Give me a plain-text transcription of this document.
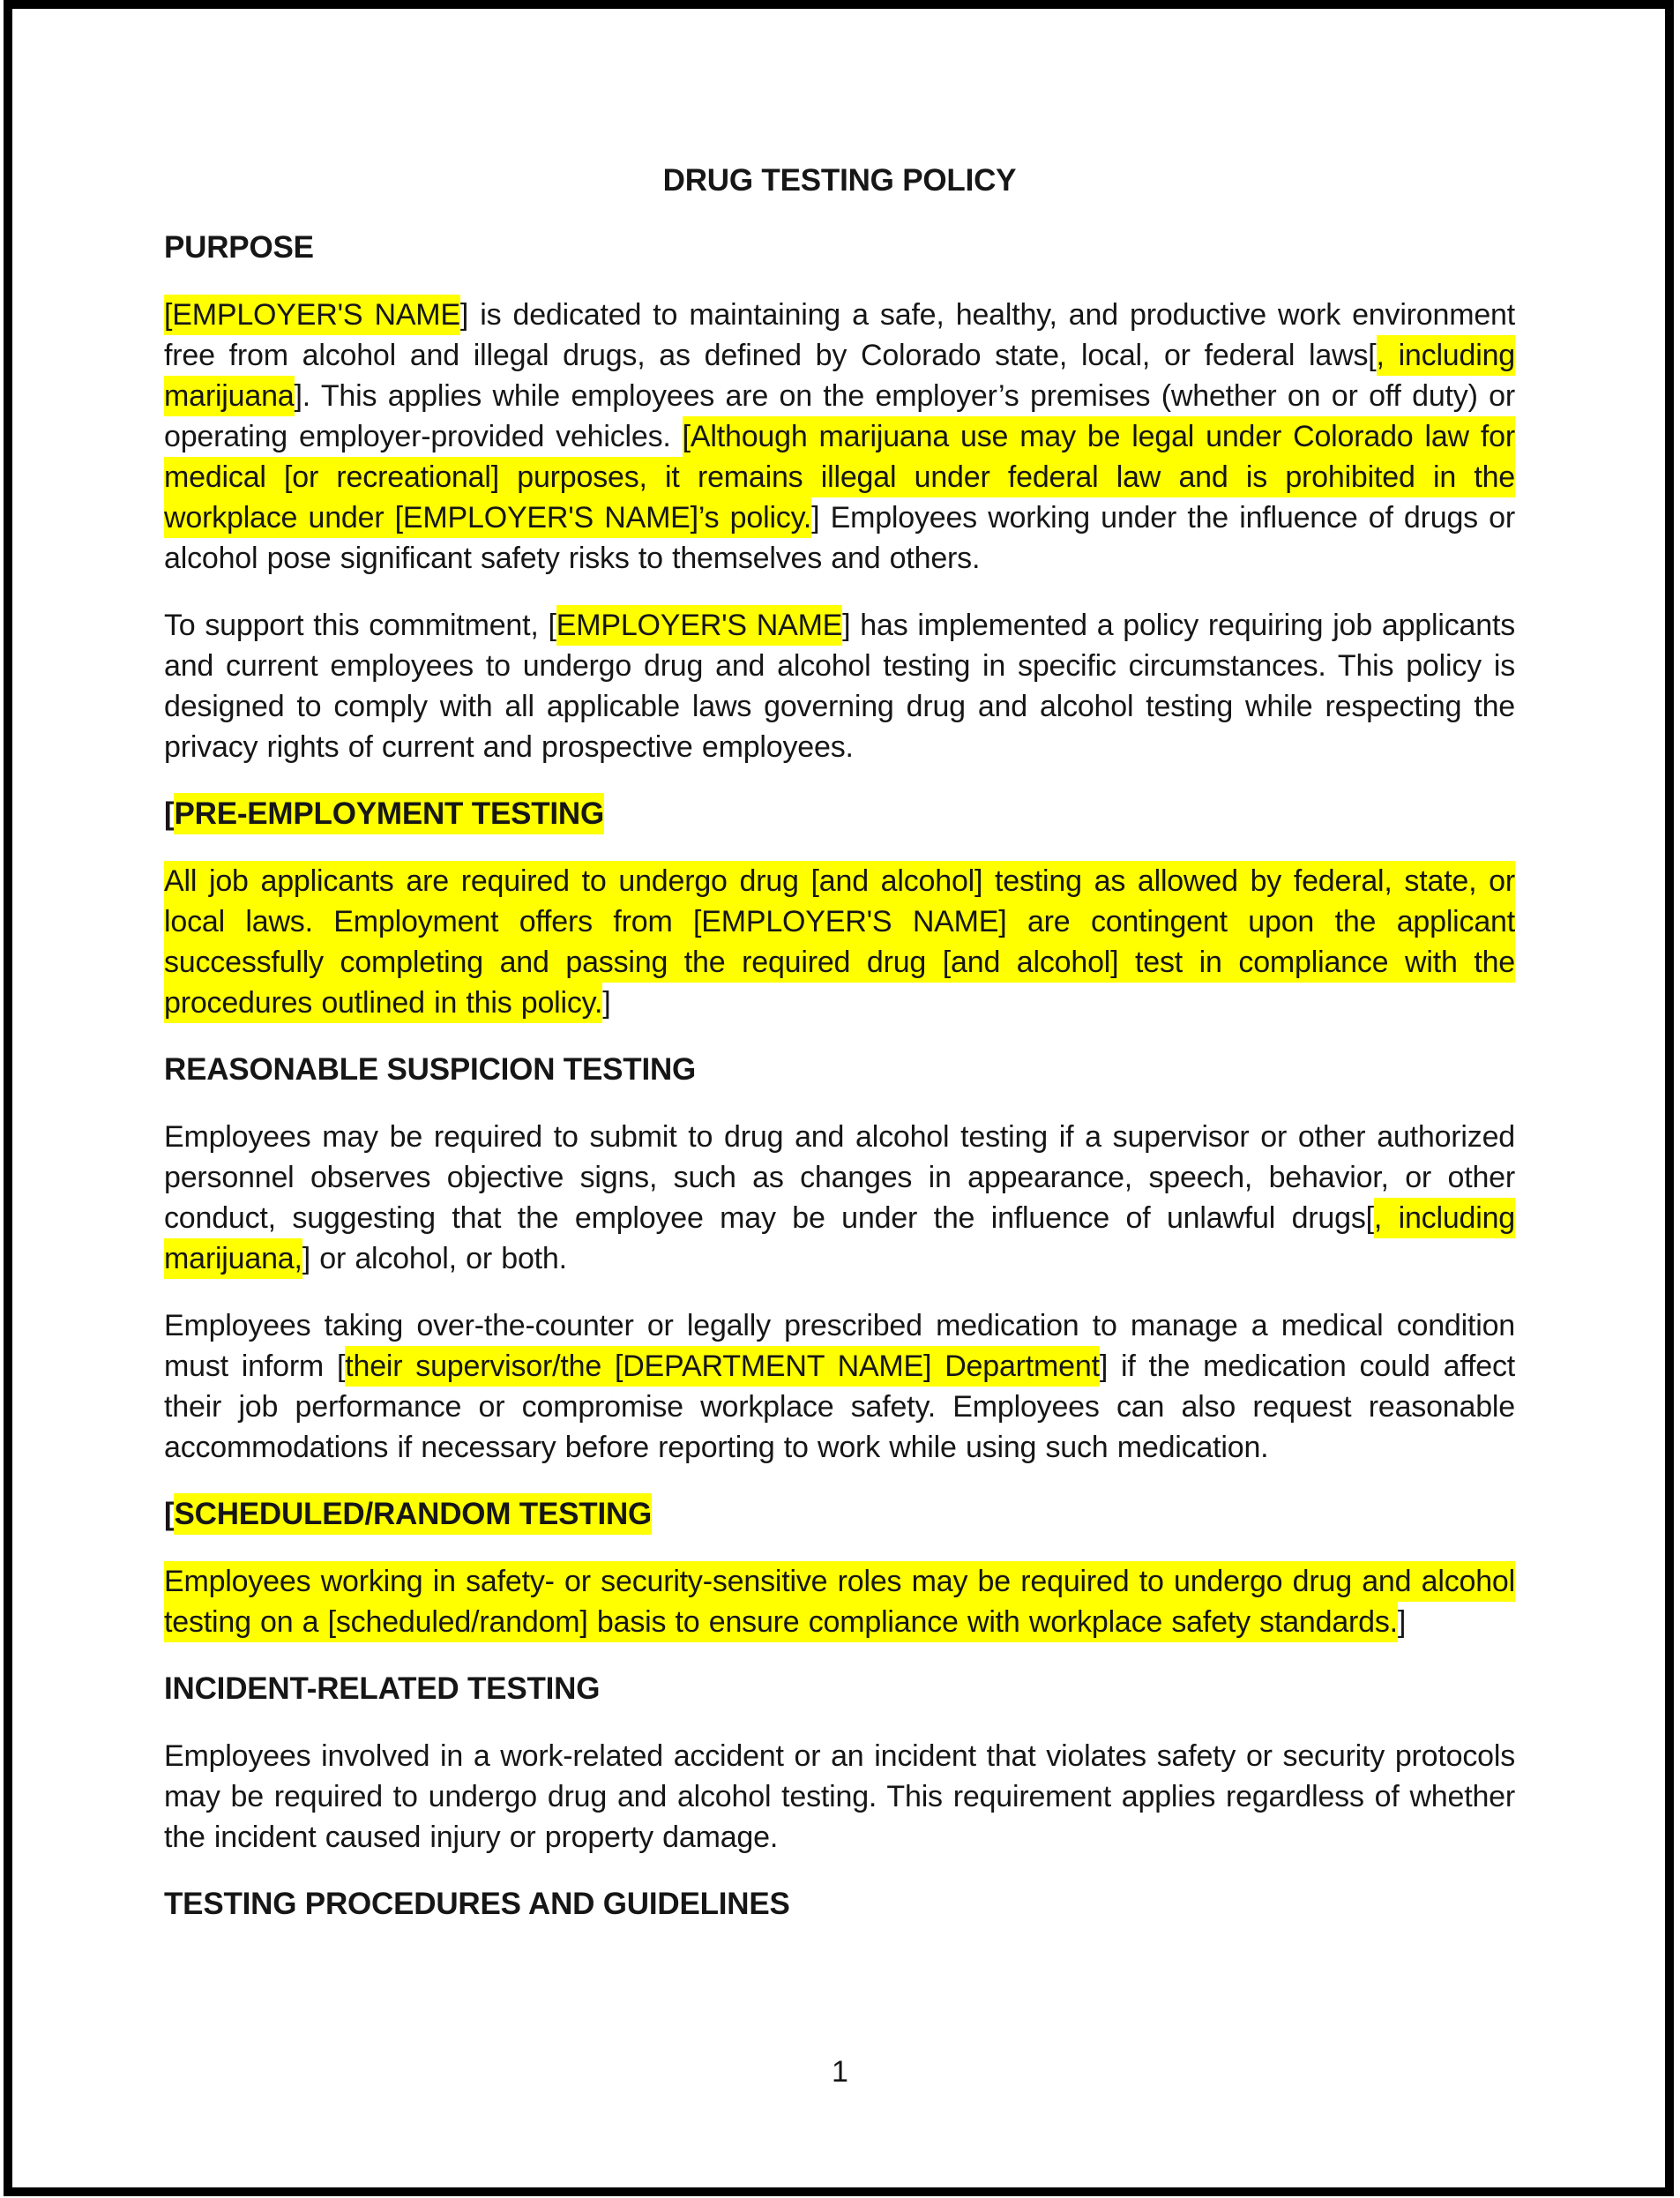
DRUG TESTING POLICY
PURPOSE

[EMPLOYER'S NAME] is dedicated to maintaining a safe, healthy, and productive work environment free from alcohol and illegal drugs, as defined by Colorado state, local, or federal laws[, including marijuana]. This applies while employees are on the employer’s premises (whether on or off duty) or operating employer-provided vehicles. [Although marijuana use may be legal under Colorado law for medical [or recreational] purposes, it remains illegal under federal law and is prohibited in the workplace under [EMPLOYER'S NAME]’s policy.] Employees working under the influence of drugs or alcohol pose significant safety risks to themselves and others.

To support this commitment, [EMPLOYER'S NAME] has implemented a policy requiring job applicants and current employees to undergo drug and alcohol testing in specific circumstances. This policy is designed to comply with all applicable laws governing drug and alcohol testing while respecting the privacy rights of current and prospective employees.

[PRE-EMPLOYMENT TESTING

All job applicants are required to undergo drug [and alcohol] testing as allowed by federal, state, or local laws. Employment offers from [EMPLOYER'S NAME] are contingent upon the applicant successfully completing and passing the required drug [and alcohol] test in compliance with the procedures outlined in this policy.]

REASONABLE SUSPICION TESTING

Employees may be required to submit to drug and alcohol testing if a supervisor or other authorized personnel observes objective signs, such as changes in appearance, speech, behavior, or other conduct, suggesting that the employee may be under the influence of unlawful drugs[, including marijuana,] or alcohol, or both.

Employees taking over-the-counter or legally prescribed medication to manage a medical condition must inform [their supervisor/the [DEPARTMENT NAME] Department] if the medication could affect their job performance or compromise workplace safety. Employees can also request reasonable accommodations if necessary before reporting to work while using such medication.

[SCHEDULED/RANDOM TESTING

Employees working in safety- or security-sensitive roles may be required to undergo drug and alcohol testing on a [scheduled/random] basis to ensure compliance with workplace safety standards.]

INCIDENT-RELATED TESTING

Employees involved in a work-related accident or an incident that violates safety or security protocols may be required to undergo drug and alcohol testing. This requirement applies regardless of whether the incident caused injury or property damage.

TESTING PROCEDURES AND GUIDELINES
1
